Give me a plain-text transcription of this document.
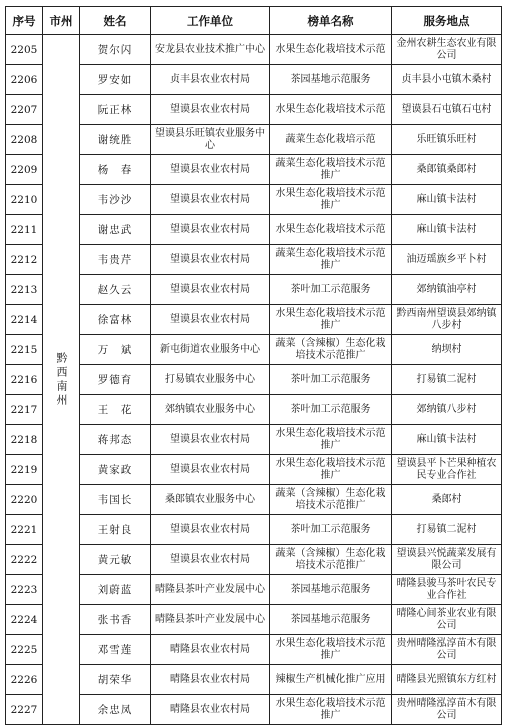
序号	市州	姓名	工作单位	榜单名称	服务地点
2205	黔西南州	贺尔闪	安龙县农业技术推广中心	水果生态化栽培技术示范	金州农耕生态农业有限公司
2206		罗安如	贞丰县农业农村局	茶园基地示范服务	贞丰县小屯镇木桑村
2207		阮正林	望谟县农业农村局	水果生态化栽培技术示范	望谟县石屯镇石屯村
2208		谢统胜	望谟县乐旺镇农业服务中心	蔬菜生态化栽培示范	乐旺镇乐旺村
2209		杨　春	望谟县农业农村局	蔬菜生态化栽培技术示范推广	桑郎镇桑郎村
2210		韦沙沙	望谟县农业农村局	水果生态化栽培技术示范推广	麻山镇卡法村
2211		谢忠武	望谟县农业农村局	水果生态化栽培技术示范	麻山镇卡法村
2212		韦贵芹	望谟县农业农村局	蔬菜生态化栽培技术示范推广	油迈瑶族乡平卜村
2213		赵久云	望谟县农业农村局	茶叶加工示范服务	郊纳镇油亭村
2214		徐富林	望谟县农业农村局	水果生态化栽培技术示范推广	黔西南州望谟县郊纳镇八步村
2215		万　斌	新屯街道农业服务中心	蔬菜（含辣椒）生态化栽培技术示范推广	纳坝村
2216		罗德育	打易镇农业服务中心	茶叶加工示范服务	打易镇二泥村
2217		王　花	郊纳镇农业服务中心	茶叶加工示范服务	郊纳镇八步村
2218		蒋邦态	望谟县农业农村局	水果生态化栽培技术示范推广	麻山镇卡法村
2219		黄家政	望谟县农业农村局	水果生态化栽培技术示范推广	望谟县平卜芒果种植农民专业合作社
2220		韦国长	桑郎镇农业服务中心	蔬菜（含辣椒）生态化栽培技术示范推广	桑郎村
2221		王射良	望谟县农业农村局	茶叶加工示范服务	打易镇二泥村
2222		黄元敏	望谟县农业农村局	蔬菜（含辣椒）生态化栽培技术示范推广	望谟县兴悦蔬菜发展有限公司
2223		刘蔚蓝	晴隆县茶叶产业发展中心	茶园基地示范服务	晴隆县骏马茶叶农民专业合作社
2224		张书香	晴隆县茶叶产业发展中心	茶园基地示范服务	晴隆心间茶业农业有限公司
2225		邓雪莲	晴隆县农业农村局	水果生态化栽培技术示范推广	贵州晴隆泓淳苗木有限公司
2226		胡荣华	晴隆县农业农村局	辣椒生产机械化推广应用	晴隆县光照镇东方红村
2227		余忠凤	晴隆县农业农村局	水果生态化栽培技术示范推广	贵州晴隆泓淳苗木有限公司
